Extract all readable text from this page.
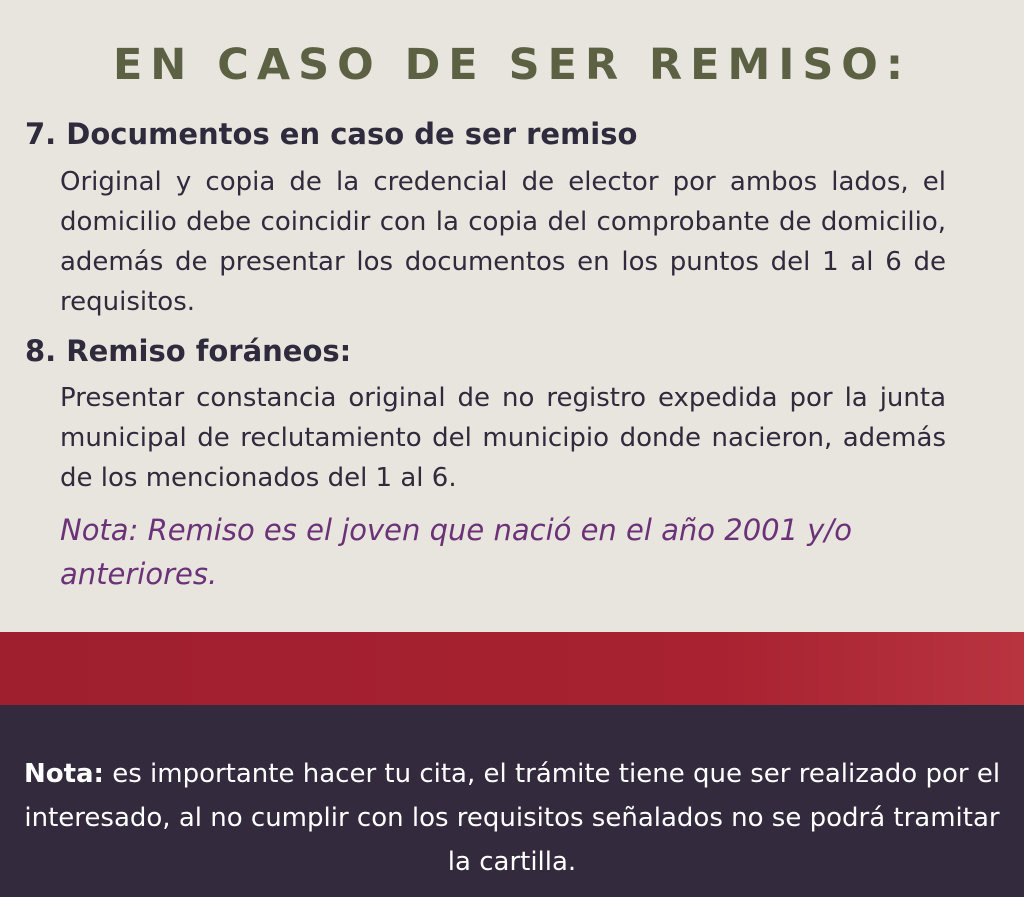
EN CASO DE SER REMISO:
7. Documentos en caso de ser remiso

Original y copia de la credencial de elector por ambos lados, el domicilio debe coincidir con la copia del comprobante de domicilio, además de presentar los documentos en los puntos del 1 al 6 de requisitos.

8. Remiso foráneos:

Presentar constancia original de no registro expedida por la junta municipal de reclutamiento del municipio donde nacieron, además de los mencionados del 1 al 6.

Nota: Remiso es el joven que nació en el año 2001 y/o anteriores.

Nota: es importante hacer tu cita, el trámite tiene que ser realizado por el interesado, al no cumplir con los requisitos señalados no se podrá tramitar la cartilla.
